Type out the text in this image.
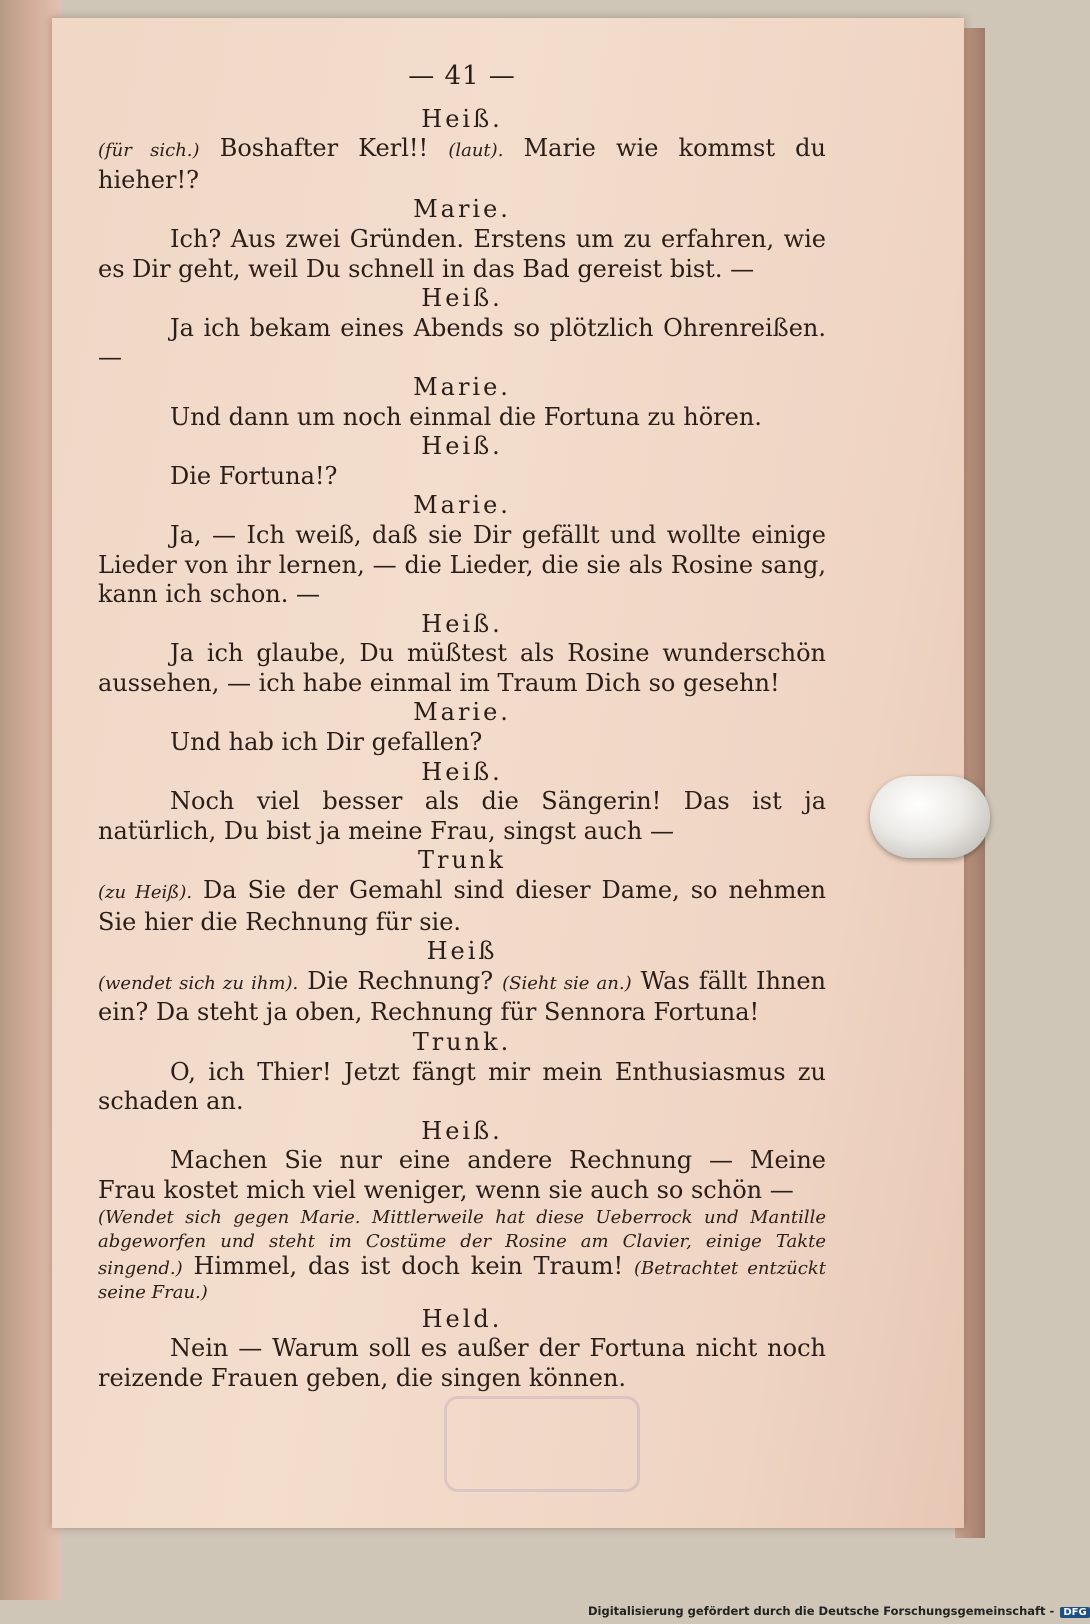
— 41 —
Heiß.

(für sich.) Boshafter Kerl!! (laut). Marie wie kommst du hieher!?

Marie.

Ich? Aus zwei Gründen. Erstens um zu erfahren, wie es Dir geht, weil Du schnell in das Bad gereist bist. —

Heiß.

Ja ich bekam eines Abends so plötzlich Ohrenreißen. —

Marie.

Und dann um noch einmal die Fortuna zu hören.

Heiß.

Die Fortuna!?

Marie.

Ja, — Ich weiß, daß sie Dir gefällt und wollte einige Lieder von ihr lernen, — die Lieder, die sie als Rosine sang, kann ich schon. —

Heiß.

Ja ich glaube, Du müßtest als Rosine wunderschön aussehen, — ich habe einmal im Traum Dich so gesehn!

Marie.

Und hab ich Dir gefallen?

Heiß.

Noch viel besser als die Sängerin! Das ist ja natürlich, Du bist ja meine Frau, singst auch —

Trunk

(zu Heiß). Da Sie der Gemahl sind dieser Dame, so nehmen Sie hier die Rechnung für sie.

Heiß

(wendet sich zu ihm). Die Rechnung? (Sieht sie an.) Was fällt Ihnen ein? Da steht ja oben, Rechnung für Sennora Fortuna!

Trunk.

O, ich Thier! Jetzt fängt mir mein Enthusiasmus zu schaden an.

Heiß.

Machen Sie nur eine andere Rechnung — Meine Frau kostet mich viel weniger, wenn sie auch so schön —

(Wendet sich gegen Marie. Mittlerweile hat diese Ueberrock und Mantille abgeworfen und steht im Costüme der Rosine am Clavier, einige Takte singend.) Himmel, das ist doch kein Traum! (Betrachtet entzückt seine Frau.)

Held.

Nein — Warum soll es außer der Fortuna nicht noch reizende Frauen geben, die singen können.

Digitalisierung gefördert durch die Deutsche Forschungsgemeinschaft - DFG
